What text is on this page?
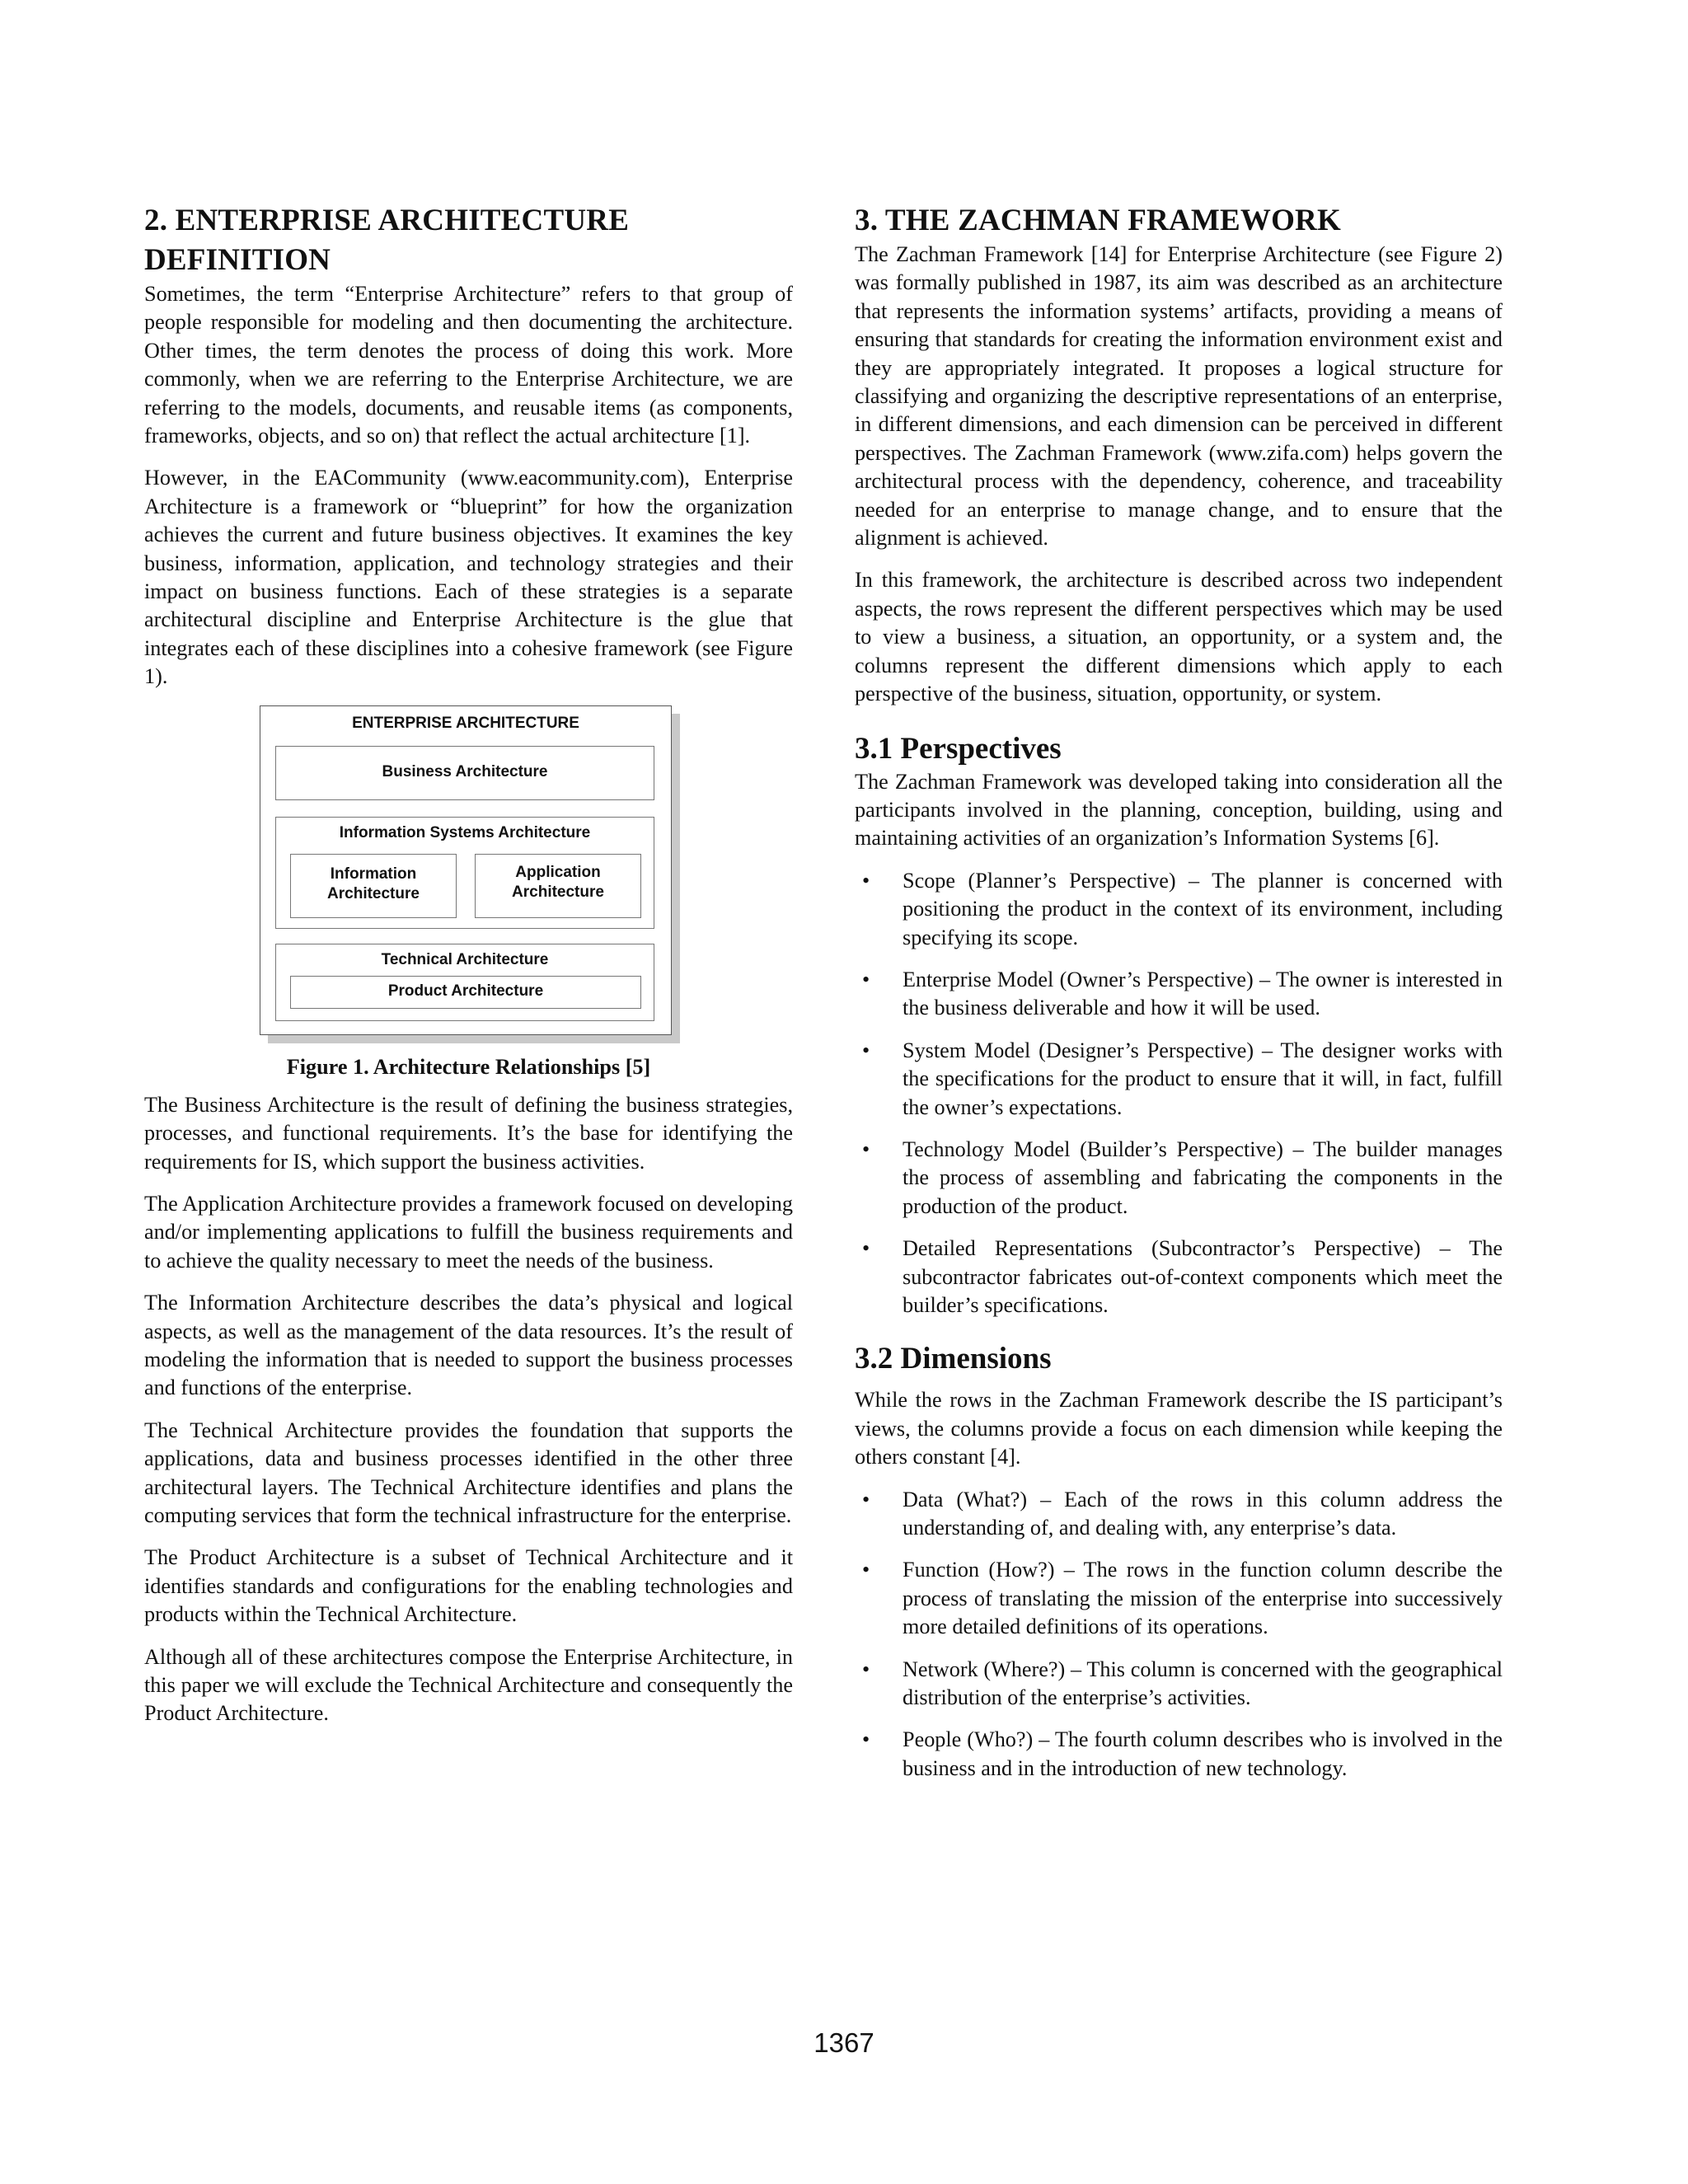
2. ENTERPRISE ARCHITECTURE DEFINITION

Sometimes, the term “Enterprise Architecture” refers to that group of people responsible for modeling and then documenting the architecture. Other times, the term denotes the process of doing this work. More commonly, when we are referring to the Enterprise Architecture, we are referring to the models, documents, and reusable items (as components, frameworks, objects, and so on) that reflect the actual architecture [1].

However, in the EACommunity (www.eacommunity.com), Enterprise Architecture is a framework or “blueprint” for how the organization achieves the current and future business objectives. It examines the key business, information, application, and technology strategies and their impact on business functions. Each of these strategies is a separate architectural discipline and Enterprise Architecture is the glue that integrates each of these disciplines into a cohesive framework (see Figure 1).

ENTERPRISE ARCHITECTURE
Business Architecture
Information Systems Architecture
Information
Architecture
Application
Architecture
Technical Architecture
Product Architecture
Figure 1. Architecture Relationships [5]

The Business Architecture is the result of defining the business strategies, processes, and functional requirements. It’s the base for identifying the requirements for IS, which support the business activities.

The Application Architecture provides a framework focused on developing and/or implementing applications to fulfill the business requirements and to achieve the quality necessary to meet the needs of the business.

The Information Architecture describes the data’s physical and logical aspects, as well as the management of the data resources. It’s the result of modeling the information that is needed to support the business processes and functions of the enterprise.

The Technical Architecture provides the foundation that supports the applications, data and business processes identified in the other three architectural layers. The Technical Architecture identifies and plans the computing services that form the technical infrastructure for the enterprise.

The Product Architecture is a subset of Technical Architecture and it identifies standards and configurations for the enabling technologies and products within the Technical Architecture.

Although all of these architectures compose the Enterprise Architecture, in this paper we will exclude the Technical Architecture and consequently the Product Architecture.

3. THE ZACHMAN FRAMEWORK

The Zachman Framework [14] for Enterprise Architecture (see Figure 2) was formally published in 1987, its aim was described as an architecture that represents the information systems’ artifacts, providing a means of ensuring that standards for creating the information environment exist and they are appropriately integrated. It proposes a logical structure for classifying and organizing the descriptive representations of an enterprise, in different dimensions, and each dimension can be perceived in different perspectives. The Zachman Framework (www.zifa.com) helps govern the architectural process with the dependency, coherence, and traceability needed for an enterprise to manage change, and to ensure that the alignment is achieved.

In this framework, the architecture is described across two independent aspects, the rows represent the different perspectives which may be used to view a business, a situation, an opportunity, or a system and, the columns represent the different dimensions which apply to each perspective of the business, situation, opportunity, or system.

3.1 Perspectives

The Zachman Framework was developed taking into consideration all the participants involved in the planning, conception, building, using and maintaining activities of an organization’s Information Systems [6].

• Scope (Planner’s Perspective) – The planner is concerned with positioning the product in the context of its environment, including specifying its scope.
• Enterprise Model (Owner’s Perspective) – The owner is interested in the business deliverable and how it will be used.
• System Model (Designer’s Perspective) – The designer works with the specifications for the product to ensure that it will, in fact, fulfill the owner’s expectations.
• Technology Model (Builder’s Perspective) – The builder manages the process of assembling and fabricating the components in the production of the product.
• Detailed Representations (Subcontractor’s Perspective) – The subcontractor fabricates out-of-context components which meet the builder’s specifications.
3.2 Dimensions

While the rows in the Zachman Framework describe the IS participant’s views, the columns provide a focus on each dimension while keeping the others constant [4].

• Data (What?) – Each of the rows in this column address the understanding of, and dealing with, any enterprise’s data.
• Function (How?) – The rows in the function column describe the process of translating the mission of the enterprise into successively more detailed definitions of its operations.
• Network (Where?) – This column is concerned with the geographical distribution of the enterprise’s activities.
• People (Who?) – The fourth column describes who is involved in the business and in the introduction of new technology.
1367
